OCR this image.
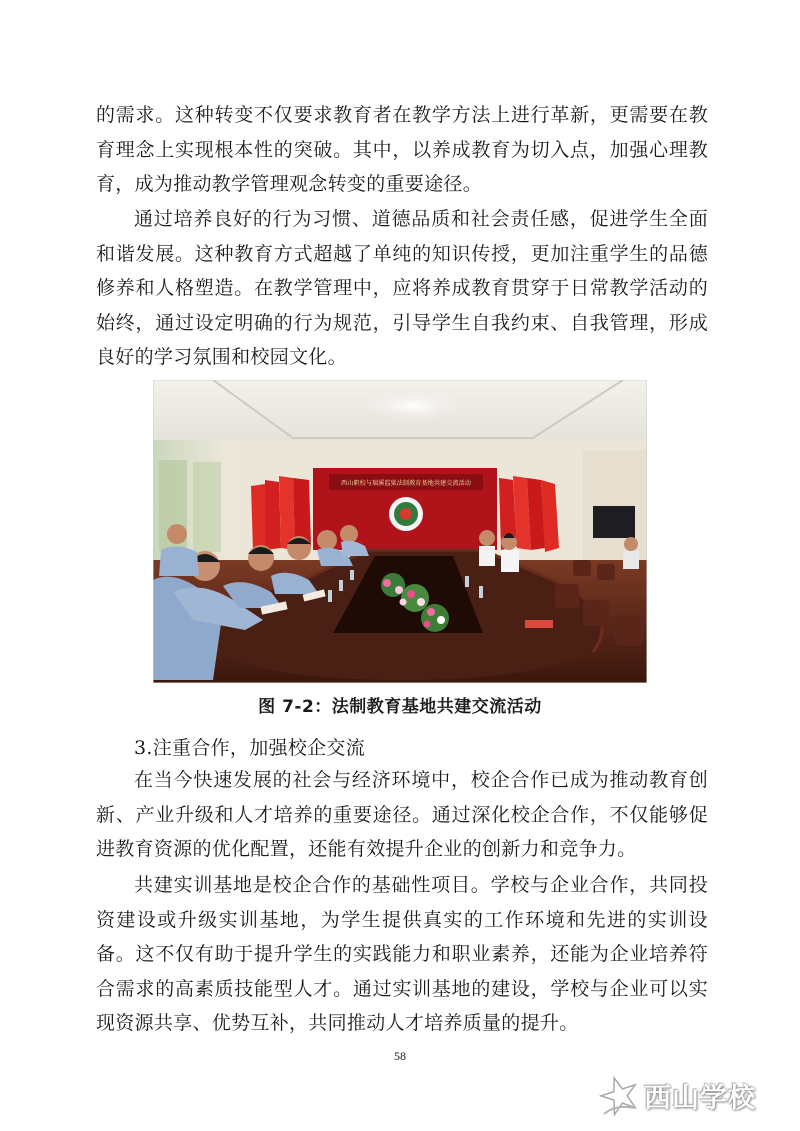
的需求。这种转变不仅要求教育者在教学方法上进行革新，更需要在教育理念上实现根本性的突破。其中，以养成教育为切入点，加强心理教育，成为推动教学管理观念转变的重要途径。

通过培养良好的行为习惯、道德品质和社会责任感，促进学生全面和谐发展。这种教育方式超越了单纯的知识传授，更加注重学生的品德修养和人格塑造。在教学管理中，应将养成教育贯穿于日常教学活动的始终，通过设定明确的行为规范，引导学生自我约束、自我管理，形成良好的学习氛围和校园文化。

西山职校与瑞溪监狱法制教育基地共建交流活动
图 7-2：法制教育基地共建交流活动
3.注重合作，加强校企交流

在当今快速发展的社会与经济环境中，校企合作已成为推动教育创新、产业升级和人才培养的重要途径。通过深化校企合作，不仅能够促进教育资源的优化配置，还能有效提升企业的创新力和竞争力。

共建实训基地是校企合作的基础性项目。学校与企业合作，共同投资建设或升级实训基地，为学生提供真实的工作环境和先进的实训设备。这不仅有助于提升学生的实践能力和职业素养，还能为企业培养符合需求的高素质技能型人才。通过实训基地的建设，学校与企业可以实现资源共享、优势互补，共同推动人才培养质量的提升。

58
西山学校
